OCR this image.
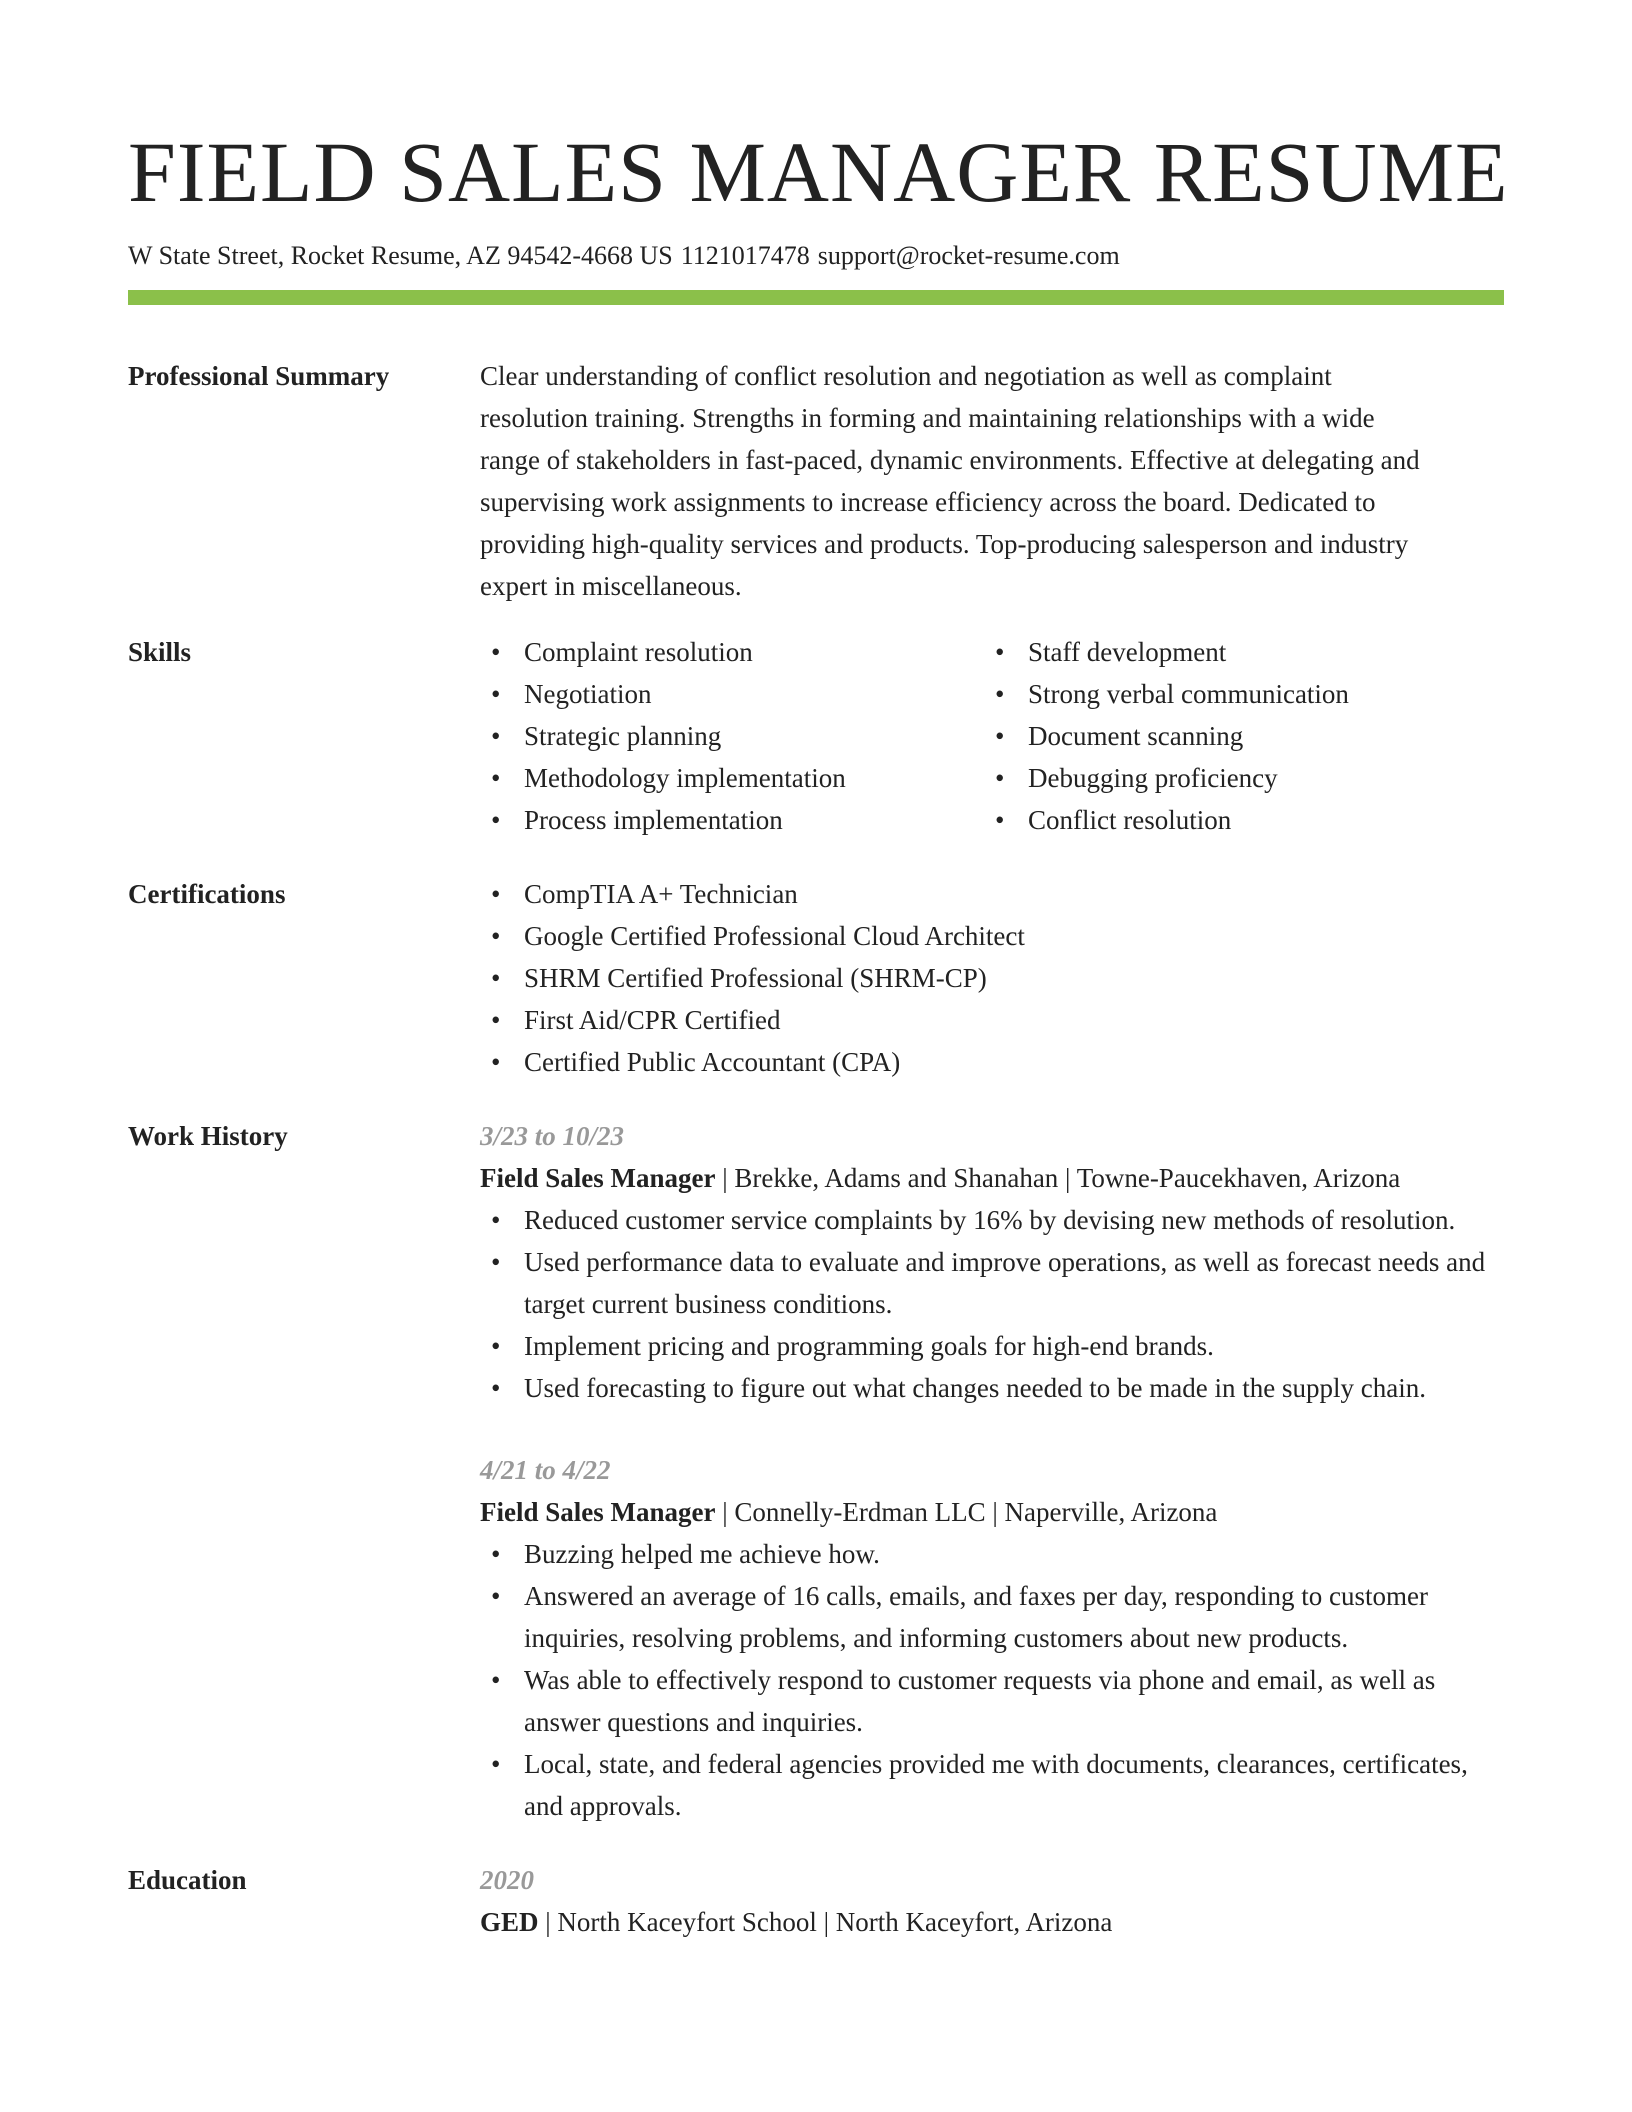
FIELD SALES MANAGER RESUME
W State Street, Rocket Resume, AZ 94542-4668 US 1121017478 support@rocket-resume.com
Professional Summary	Clear understanding of conflict resolution and negotiation as well as complaint
resolution training. Strengths in forming and maintaining relationships with a wide
range of stakeholders in fast-paced, dynamic environments. Effective at delegating and
supervising work assignments to increase efficiency across the board. Dedicated to
providing high-quality services and products. Top-producing salesperson and industry
expert in miscellaneous.
Skills	• Complaint resolution
• Negotiation
• Strategic planning
• Methodology implementation
• Process implementation
• Staff development
• Strong verbal communication
• Document scanning
• Debugging proficiency
• Conflict resolution
Certifications	• CompTIA A+ Technician
• Google Certified Professional Cloud Architect
• SHRM Certified Professional (SHRM-CP)
• First Aid/CPR Certified
• Certified Public Accountant (CPA)
Work History	3/23 to 10/23
Field Sales Manager | Brekke, Adams and Shanahan | Towne-Paucekhaven, Arizona
• Reduced customer service complaints by 16% by devising new methods of resolution.
• Used performance data to evaluate and improve operations, as well as forecast needs and target current business conditions.
• Implement pricing and programming goals for high-end brands.
• Used forecasting to figure out what changes needed to be made in the supply chain.
4/21 to 4/22
Field Sales Manager | Connelly-Erdman LLC | Naperville, Arizona
• Buzzing helped me achieve how.
• Answered an average of 16 calls, emails, and faxes per day, responding to customer inquiries, resolving problems, and informing customers about new products.
• Was able to effectively respond to customer requests via phone and email, as well as answer questions and inquiries.
• Local, state, and federal agencies provided me with documents, clearances, certificates, and approvals.
Education	2020
GED | North Kaceyfort School | North Kaceyfort, Arizona
